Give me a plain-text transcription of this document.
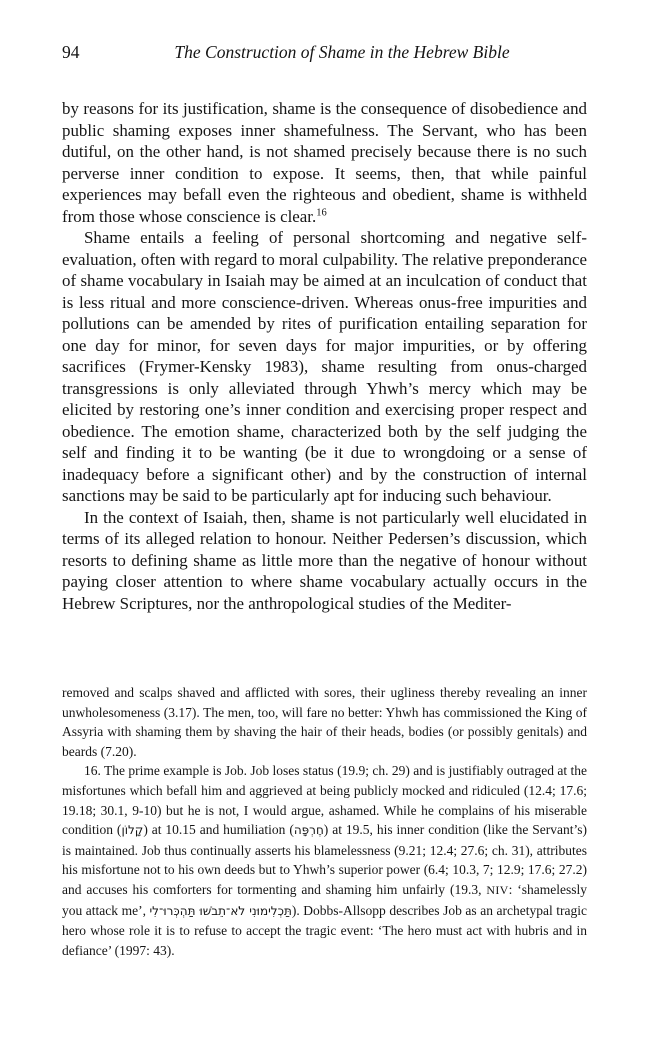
94	The Construction of Shame in the Hebrew Bible

by reasons for its justification, shame is the consequence of disobedience and public shaming exposes inner shamefulness. The Servant, who has been dutiful, on the other hand, is not shamed precisely because there is no such perverse inner condition to expose. It seems, then, that while painful experiences may befall even the righteous and obedient, shame is withheld from those whose conscience is clear.$^{16}$

Shame entails a feeling of personal shortcoming and negative self-evaluation, often with regard to moral culpability. The relative preponderance of shame vocabulary in Isaiah may be aimed at an inculcation of conduct that is less ritual and more conscience-driven. Whereas onus-free impurities and pollutions can be amended by rites of purification entailing separation for one day for minor, for seven days for major impurities, or by offering sacrifices (Frymer-Kensky 1983), shame resulting from onus-charged transgressions is only alleviated through Yhwh’s mercy which may be elicited by restoring one’s inner condition and exercising proper respect and obedience. The emotion shame, characterized both by the self judging the self and finding it to be wanting (be it due to wrongdoing or a sense of inadequacy before a significant other) and by the construction of internal sanctions may be said to be particularly apt for inducing such behaviour.

In the context of Isaiah, then, shame is not particularly well elucidated in terms of its alleged relation to honour. Neither Pedersen’s discussion, which resorts to defining shame as little more than the negative of honour without paying closer attention to where shame vocabulary actually occurs in the Hebrew Scriptures, nor the anthropological studies of the Mediter-

removed and scalps shaved and afflicted with sores, their ugliness thereby revealing an inner unwholesomeness (3.17). The men, too, will fare no better: Yhwh has commissioned the King of Assyria with shaming them by shaving the hair of their heads, bodies (or possibly genitals) and beards (7.20).

16. The prime example is Job. Job loses status (19.9; ch. 29) and is justifiably outraged at the misfortunes which befall him and aggrieved at being publicly mocked and ridiculed (12.4; 17.6; 19.18; 30.1, 9-10) but he is not, I would argue, ashamed. While he complains of his miserable condition (קָלוֹן) at 10.15 and humiliation (חֶרְפָּה) at 19.5, his inner condition (like the Servant’s) is maintained. Job thus continually asserts his blamelessness (9.21; 12.4; 27.6; ch. 31), attributes his misfortune not to his own deeds but to Yhwh’s superior power (6.4; 10.3, 7; 12.9; 17.6; 27.2) and accuses his comforters for tormenting and shaming him unfairly (19.3, NIV: ‘shamelessly you attack me’, תַּכְלִימוּנִי לֹא־תֵבֹשׁוּ תַּהְכְּרוּ־לִי). Dobbs-Allsopp describes Job as an archetypal tragic hero whose role it is to refuse to accept the tragic event: ‘The hero must act with hubris and in defiance’ (1997: 43).
